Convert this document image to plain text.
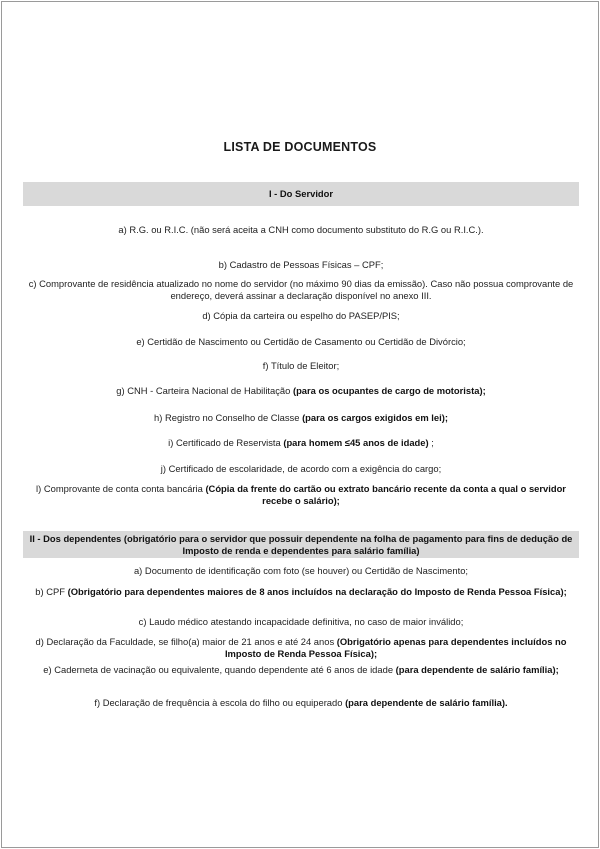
LISTA DE DOCUMENTOS
I - Do Servidor
a) R.G. ou R.I.C. (não será aceita a CNH como documento substituto do R.G ou R.I.C.).
b) Cadastro de Pessoas Físicas – CPF;
c) Comprovante de residência atualizado no nome do servidor (no máximo 90 dias da emissão). Caso não possua comprovante de endereço, deverá assinar a declaração disponível no anexo III.
d) Cópia da carteira ou espelho do PASEP/PIS;
e) Certidão de Nascimento ou Certidão de Casamento ou Certidão de Divórcio;
f) Título de Eleitor;
g) CNH - Carteira Nacional de Habilitação (para os ocupantes de cargo de motorista);
h) Registro no Conselho de Classe (para os cargos exigidos em lei);
i) Certificado de Reservista (para homem ≤45 anos de idade) ;
j) Certificado de escolaridade, de acordo com a exigência do cargo;
l) Comprovante de conta conta bancária (Cópia da frente do cartão ou extrato bancário recente da conta a qual o servidor recebe o salário);
II - Dos dependentes (obrigatório para o servidor que possuir dependente na folha de pagamento para fins de dedução de Imposto de renda e dependentes para salário família)
a) Documento de identificação com foto (se houver) ou Certidão de Nascimento;
b) CPF (Obrigatório para dependentes maiores de 8 anos incluídos na declaração do Imposto de Renda Pessoa Física);
c) Laudo médico atestando incapacidade definitiva, no caso de maior inválido;
d) Declaração da Faculdade, se filho(a) maior de 21 anos e até 24 anos (Obrigatório apenas para dependentes incluídos no Imposto de Renda Pessoa Física);
e) Caderneta de vacinação ou equivalente, quando dependente até 6 anos de idade (para dependente de salário família);
f) Declaração de frequência à escola do filho ou equiperado (para dependente de salário família).
